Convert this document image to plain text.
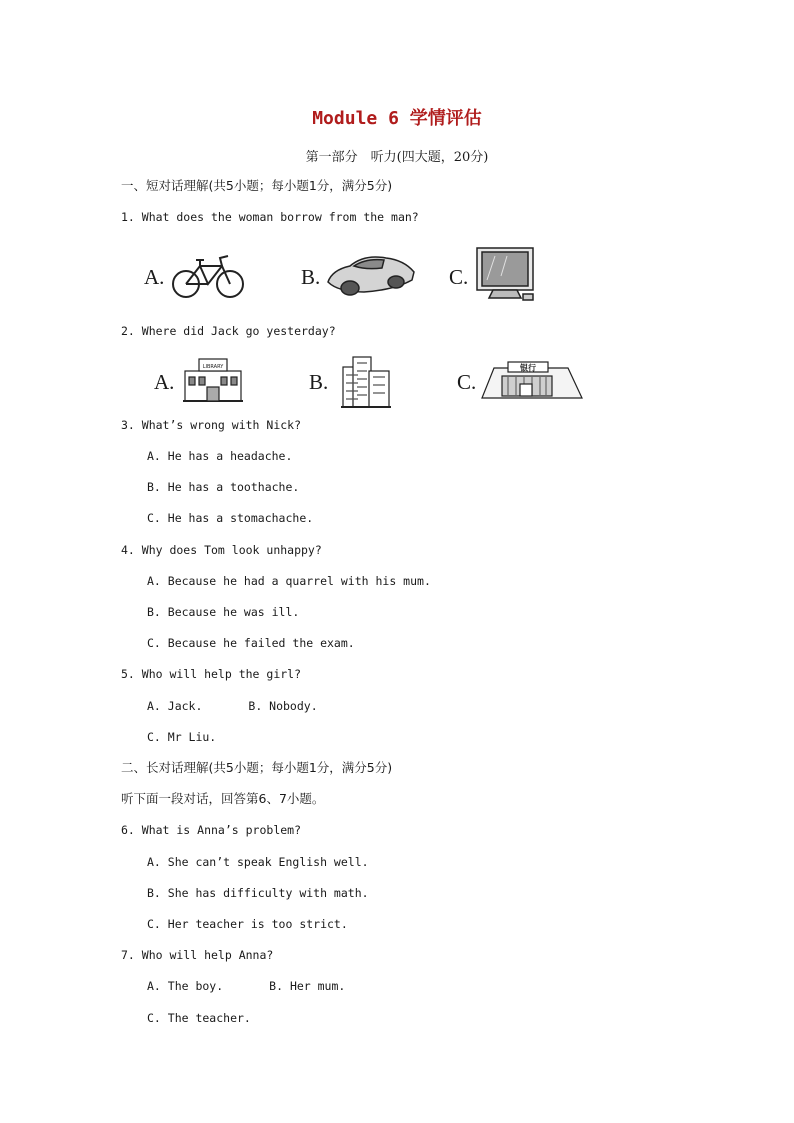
Module 6 学情评估
第一部分　听力(四大题，20分)
一、短对话理解(共5小题；每小题1分，满分5分)
1. What does the woman borrow from the man?
A.	B.	C.
2. Where did Jack go yesterday?
A.
LIBRARY
B.	C.
银行
3. What’s wrong with Nick?
A. He has a headache.
B. He has a toothache.
C. He has a stomachache.
4. Why does Tom look unhappy?
A. Because he had a quarrel with his mum.
B. Because he was ill.
C. Because he failed the exam.
5. Who will help the girl?
A. Jack.	B. Nobody.
C. Mr Liu.
二、长对话理解(共5小题；每小题1分，满分5分)
听下面一段对话，回答第6、7小题。
6. What is Anna’s problem?
A. She can’t speak English well.
B. She has difficulty with math.
C. Her teacher is too strict.
7. Who will help Anna?
A. The boy.	B. Her mum.
C. The teacher.
